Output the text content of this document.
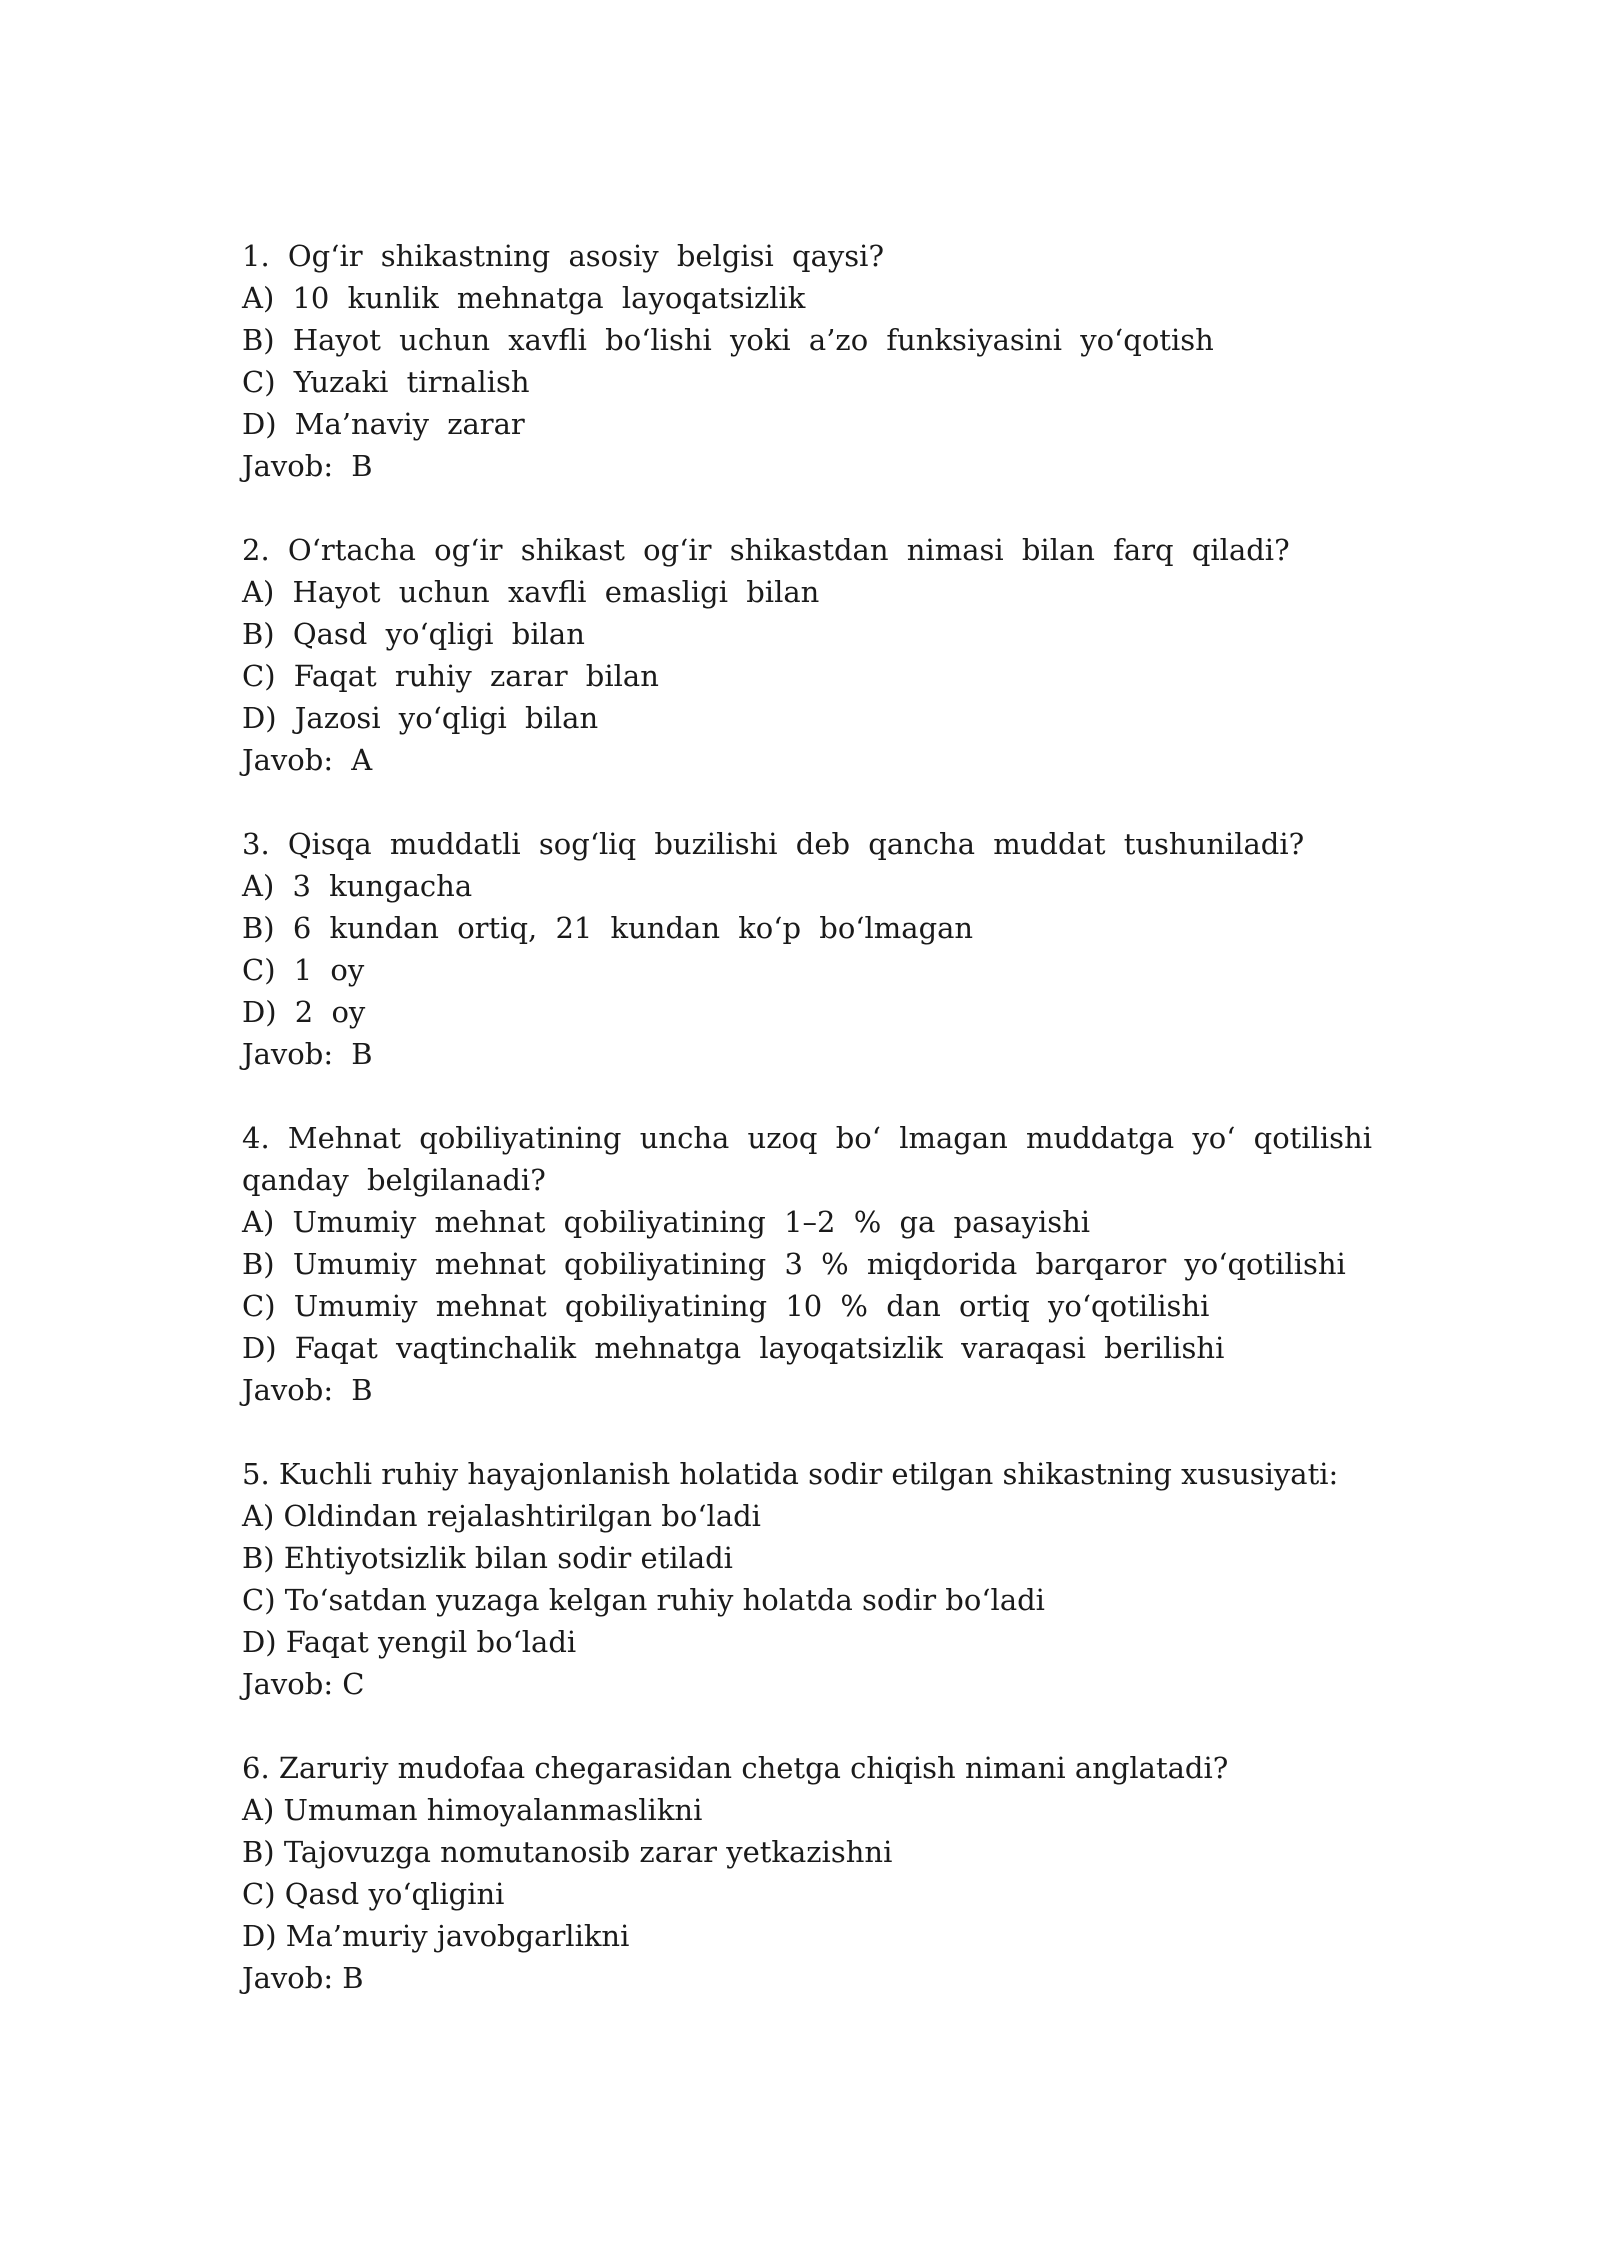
1. Og‘ir shikastning asosiy belgisi qaysi?
A) 10 kunlik mehnatga layoqatsizlik
B) Hayot uchun xavfli bo‘lishi yoki a’zo funksiyasini yo‘qotish
C) Yuzaki tirnalish
D) Ma’naviy zarar
Javob: B
2. O‘rtacha og‘ir shikast og‘ir shikastdan nimasi bilan farq qiladi?
A) Hayot uchun xavfli emasligi bilan
B) Qasd yo‘qligi bilan
C) Faqat ruhiy zarar bilan
D) Jazosi yo‘qligi bilan
Javob: A
3. Qisqa muddatli sog‘liq buzilishi deb qancha muddat tushuniladi?
A) 3 kungacha
B) 6 kundan ortiq, 21 kundan ko‘p bo‘lmagan
C) 1 oy
D) 2 oy
Javob: B
4. Mehnat qobiliyatining uncha uzoq bo‘ lmagan muddatga yo‘ qotilishi qanday belgilanadi?
A) Umumiy mehnat qobiliyatining 1–2 % ga pasayishi
B) Umumiy mehnat qobiliyatining 3 % miqdorida barqaror yo‘qotilishi
C) Umumiy mehnat qobiliyatining 10 % dan ortiq yo‘qotilishi
D) Faqat vaqtinchalik mehnatga layoqatsizlik varaqasi berilishi
Javob: B
5. Kuchli ruhiy hayajonlanish holatida sodir etilgan shikastning xususiyati:
A) Oldindan rejalashtirilgan bo‘ladi
B) Ehtiyotsizlik bilan sodir etiladi
C) To‘satdan yuzaga kelgan ruhiy holatda sodir bo‘ladi
D) Faqat yengil bo‘ladi
Javob: C
6. Zaruriy mudofaa chegarasidan chetga chiqish nimani anglatadi?
A) Umuman himoyalanmaslikni
B) Tajovuzga nomutanosib zarar yetkazishni
C) Qasd yo‘qligini
D) Ma’muriy javobgarlikni
Javob: B
